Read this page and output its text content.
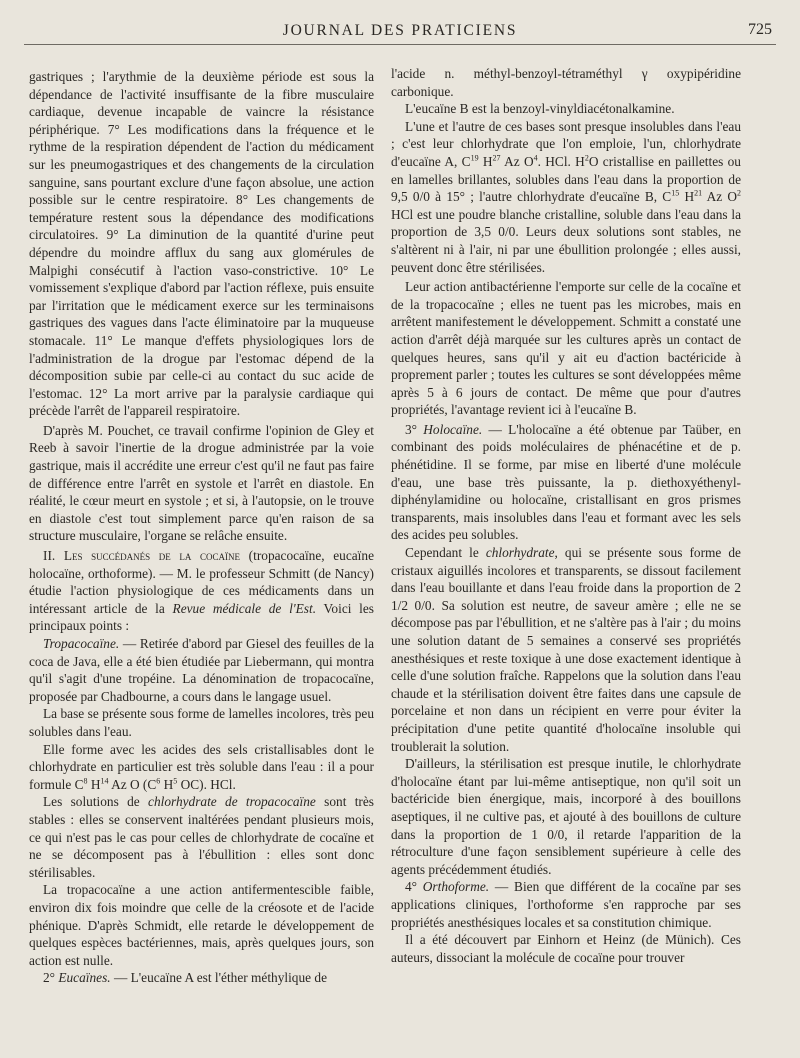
JOURNAL DES PRATICIENS	725

gastriques ; l'arythmie de la deuxième période est sous la dépendance de l'activité insuffisante de la fibre musculaire cardiaque, devenue incapable de vaincre la résistance périphérique. 7° Les modifications dans la fréquence et le rythme de la respiration dépendent de l'action du médicament sur les pneumogastriques et des changements de la circulation sanguine, sans pourtant exclure d'une façon absolue, une action possible sur le centre respiratoire. 8° Les changements de température restent sous la dépendance des modifications circulatoires. 9° La diminution de la quantité d'urine peut dépendre du moindre afflux du sang aux glomérules de Malpighi consécutif à l'action vaso-constrictive. 10° Le vomissement s'explique d'abord par l'action réflexe, puis ensuite par l'irritation que le médicament exerce sur les terminaisons gastriques des vagues dans l'acte éliminatoire par la muqueuse stomacale. 11° Le manque d'effets physiologiques lors de l'administration de la drogue par l'estomac dépend de la décomposition subie par celle-ci au contact du suc acide de l'estomac. 12° La mort arrive par la paralysie cardiaque qui précède l'arrêt de l'appareil respiratoire.

D'après M. Pouchet, ce travail confirme l'opinion de Gley et Reeb à savoir l'inertie de la drogue administrée par la voie gastrique, mais il accrédite une erreur c'est qu'il ne faut pas faire de différence entre l'arrêt en systole et l'arrêt en diastole. En réalité, le cœur meurt en systole ; et si, à l'autopsie, on le trouve en diastole c'est tout simplement parce qu'en raison de sa structure musculaire, l'organe se relâche ensuite.

II. Les succédanés de la cocaïne (tropacocaïne, eucaïne holocaïne, orthoforme). — M. le professeur Schmitt (de Nancy) étudie l'action physiologique de ces médicaments dans un intéressant article de la Revue médicale de l'Est. Voici les principaux points :

Tropacocaïne. — Retirée d'abord par Giesel des feuilles de la coca de Java, elle a été bien étudiée par Liebermann, qui montra qu'il s'agit d'une tropéine. La dénomination de tropacocaïne, proposée par Chadbourne, a cours dans le langage usuel.

La base se présente sous forme de lamelles incolores, très peu solubles dans l'eau.

Elle forme avec les acides des sels cristallisables dont le chlorhydrate en particulier est très soluble dans l'eau : il a pour formule $C^8$ $H^{14}$ Az O ($C^6$ $H^5$ OC). HCl.

Les solutions de chlorhydrate de tropacocaïne sont très stables : elles se conservent inaltérées pendant plusieurs mois, ce qui n'est pas le cas pour celles de chlorhydrate de cocaïne et ne se décomposent pas à l'ébullition : elles sont donc stérilisables.

La tropacocaïne a une action antifermentescible faible, environ dix fois moindre que celle de la créosote et de l'acide phénique. D'après Schmidt, elle retarde le développement de quelques espèces bactériennes, mais, après quelques jours, son action est nulle.

2° Eucaïnes. — L'eucaïne A est l'éther méthylique de

l'acide n. méthyl-benzoyl-tétraméthyl γ oxypipéridine carbonique.

L'eucaïne B est la benzoyl-vinyldiacétonalkamine.

L'une et l'autre de ces bases sont presque insolubles dans l'eau ; c'est leur chlorhydrate que l'on emploie, l'un, chlorhydrate d'eucaïne A, $C^{19}$ $H^{27}$ Az $O^4$. HCl. $H^2O$ cristallise en paillettes ou en lamelles brillantes, solubles dans l'eau dans la proportion de 9,5 0/0 à 15° ; l'autre chlorhydrate d'eucaïne B, $C^{15}$ $H^{21}$ Az $O^2$ HCl est une poudre blanche cristalline, soluble dans l'eau dans la proportion de 3,5 0/0. Leurs deux solutions sont stables, ne s'altèrent ni à l'air, ni par une ébullition prolongée ; elles aussi, peuvent donc être stérilisées.

Leur action antibactérienne l'emporte sur celle de la cocaïne et de la tropacocaïne ; elles ne tuent pas les microbes, mais en arrêtent manifestement le développement. Schmitt a constaté une action d'arrêt déjà marquée sur les cultures après un contact de quelques heures, sans qu'il y ait eu d'action bactéricide à proprement parler ; toutes les cultures se sont développées même après 5 à 6 jours de contact. De même que pour d'autres propriétés, l'avantage revient ici à l'eucaïne B.

3° Holocaïne. — L'holocaïne a été obtenue par Taüber, en combinant des poids moléculaires de phénacétine et de p. phénétidine. Il se forme, par mise en liberté d'une molécule d'eau, une base très puissante, la p. diethoxyéthenyl-diphénylamidine ou holocaïne, cristallisant en gros prismes transparents, mais insolubles dans l'eau et formant avec les sels des acides peu solubles.

Cependant le chlorhydrate, qui se présente sous forme de cristaux aiguillés incolores et transparents, se dissout facilement dans l'eau bouillante et dans l'eau froide dans la proportion de 2 1/2 0/0. Sa solution est neutre, de saveur amère ; elle ne se décompose pas par l'ébullition, et ne s'altère pas à l'air ; du moins une solution datant de 5 semaines a conservé ses propriétés anesthésiques et reste toxique à une dose exactement identique à celle d'une solution fraîche. Rappelons que la solution dans l'eau chaude et la stérilisation doivent être faites dans une capsule de porcelaine et non dans un récipient en verre pour éviter la précipitation d'une petite quantité d'holocaïne insoluble qui troublerait la solution.

D'ailleurs, la stérilisation est presque inutile, le chlorhydrate d'holocaïne étant par lui-même antiseptique, non qu'il soit un bactéricide bien énergique, mais, incorporé à des bouillons aseptiques, il ne cultive pas, et ajouté à des bouillons de culture dans la proportion de 1 0/0, il retarde l'apparition de la rétroculture d'une façon sensiblement supérieure à celle des agents précédemment étudiés.

4° Orthoforme. — Bien que différent de la cocaïne par ses applications cliniques, l'orthoforme s'en rapproche par ses propriétés anesthésiques locales et sa constitution chimique.

Il a été découvert par Einhorn et Heinz (de Münich). Ces auteurs, dissociant la molécule de cocaïne pour trouver
